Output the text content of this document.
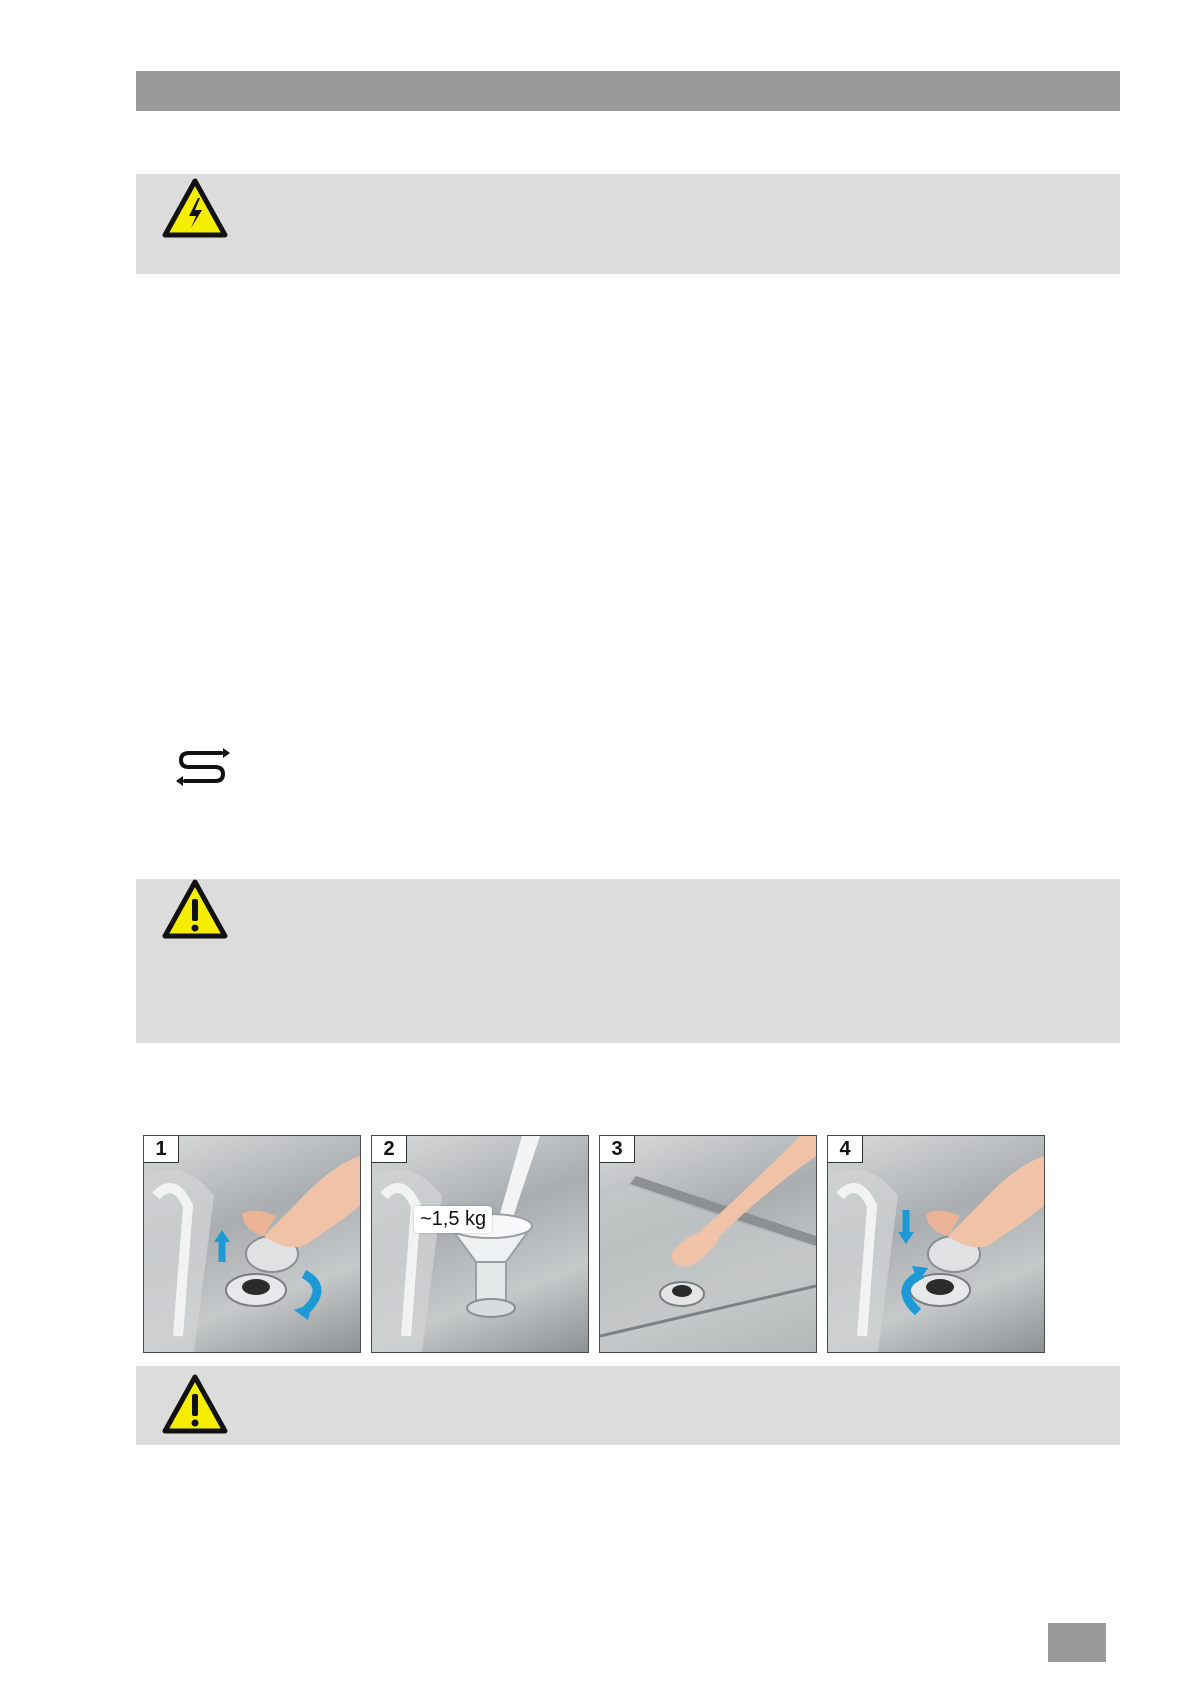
1	2
~1,5 kg
3	4
